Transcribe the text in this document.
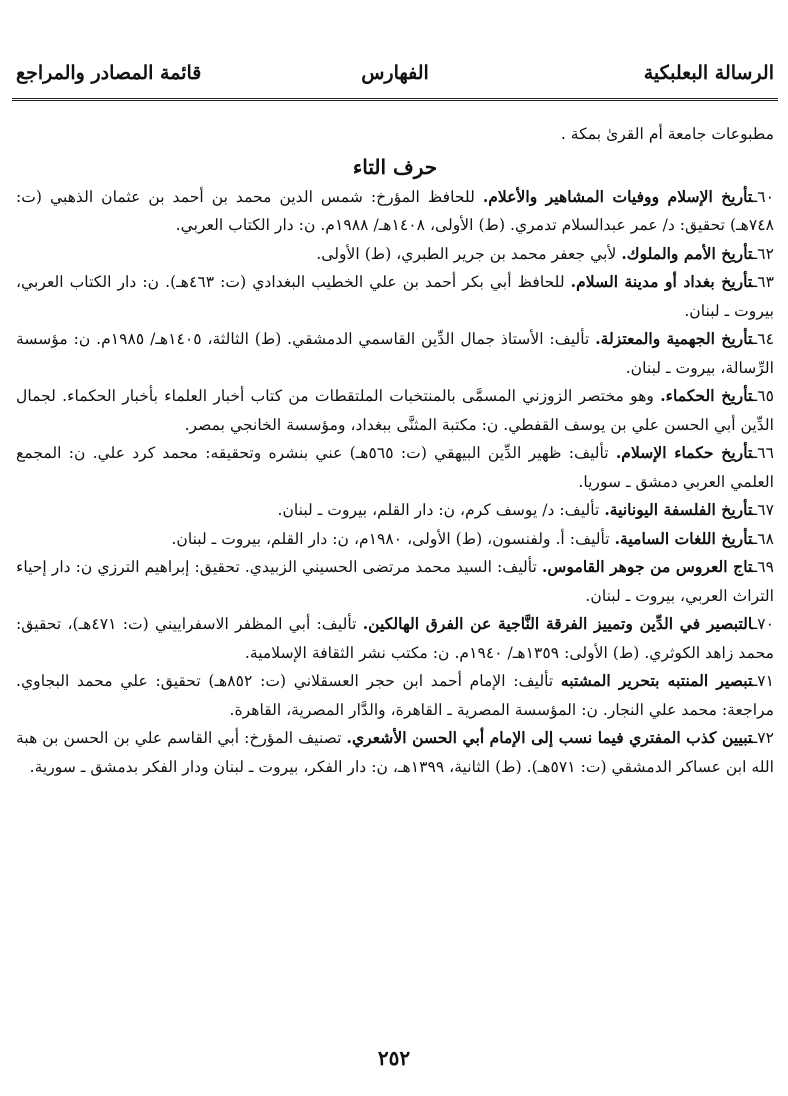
الرسالة البعلبكية
الفهارس
قائمة المصادر والمراجع

مطبوعات جامعة أم القرىٰ بمكة .

حرف التاء

٦٠ـتأريخ الإسلام ووفيات المشاهير والأعلام. للحافظ المؤرخ: شمس الدين محمد بن أحمد بن عثمان الذهبي (ت: ٧٤٨هـ) تحقيق: د/ عمر عبدالسلام تدمري. (ط) الأولى، ١٤٠٨هـ/ ١٩٨٨م. ن: دار الكتاب العربي.

٦٢ـتأريخ الأمم والملوك. لأبي جعفر محمد بن جرير الطبري، (ط) الأولى.

٦٣ـتأريخ بغداد أو مدينة السلام. للحافظ أبي بكر أحمد بن علي الخطيب البغدادي (ت: ٤٦٣هـ). ن: دار الكتاب العربي، بيروت ـ لبنان.

٦٤ـتأريخ الجهمية والمعتزلة. تأليف: الأستاذ جمال الدِّين القاسمي الدمشقي. (ط) الثالثة، ١٤٠٥هـ/ ١٩٨٥م. ن: مؤسسة الرِّسالة، بيروت ـ لبنان.

٦٥ـتأريخ الحكماء. وهو مختصر الزوزني المسمَّى بالمنتخبات الملتقطات من كتاب أخبار العلماء بأخبار الحكماء. لجمال الدِّين أبي الحسن علي بن يوسف القفطي. ن: مكتبة المثنَّى ببغداد، ومؤسسة الخانجي بمصر.

٦٦ـتأريخ حكماء الإسلام. تأليف: ظهير الدِّين البيهقي (ت: ٥٦٥هـ) عني بنشره وتحقيقه: محمد كرد علي. ن: المجمع العلمي العربي دمشق ـ سوريا.

٦٧ـتأريخ الفلسفة اليونانية. تأليف: د/ يوسف كرم، ن: دار القلم، بيروت ـ لبنان.

٦٨ـتأريخ اللغات السامية. تأليف: أ. ولفنسون، (ط) الأولى، ١٩٨٠م، ن: دار القلم، بيروت ـ لبنان.

٦٩ـتاج العروس من جوهر القاموس. تأليف: السيد محمد مرتضى الحسيني الزبيدي. تحقيق: إبراهيم الترزي ن: دار إحياء التراث العربي، بيروت ـ لبنان.

٧٠ـالتبصير في الدِّين وتمييز الفرقة النَّاجية عن الفرق الهالكين. تأليف: أبي المظفر الاسفراييني (ت: ٤٧١هـ)، تحقيق: محمد زاهد الكوثري. (ط) الأولى: ١٣٥٩هـ/ ١٩٤٠م. ن: مكتب نشر الثقافة الإسلامية.

٧١ـتبصير المنتبه بتحرير المشتبه تأليف: الإمام أحمد ابن حجر العسقلاني (ت: ٨٥٢هـ) تحقيق: علي محمد البجاوي. مراجعة: محمد علي النجار. ن: المؤسسة المصرية ـ القاهرة، والدَّار المصرية، القاهرة.

٧٢ـتبيين كذب المفتري فيما نسب إلى الإمام أبي الحسن الأشعري. تصنيف المؤرخ: أبي القاسم علي بن الحسن بن هبة الله ابن عساكر الدمشقي (ت: ٥٧١هـ). (ط) الثانية، ١٣٩٩هـ، ن: دار الفكر، بيروت ـ لبنان ودار الفكر بدمشق ـ سورية.

٢٥٢
